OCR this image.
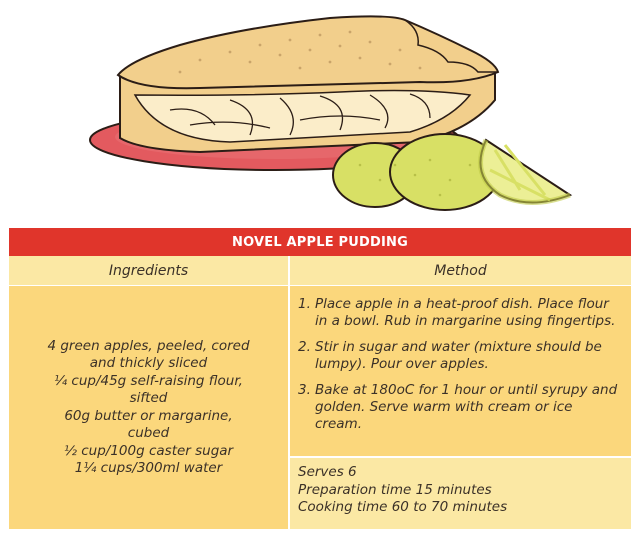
NOVEL APPLE PUDDING
Ingredients	Method
4 green apples, peeled, cored
and thickly sliced
¼ cup/45g self-raising flour,
sifted
60g butter or margarine,
cubed
½ cup/100g caster sugar
1¼ cups/300ml water
1. Place apple in a heat-proof dish. Place flour in a bowl. Rub in margarine using fingertips.
2. Stir in sugar and water (mixture should be lumpy). Pour over apples.
3. Bake at 180oC for 1 hour or until syrupy and golden. Serve warm with cream or ice cream.
Serves 6
Preparation time 15 minutes
Cooking time 60 to 70 minutes
